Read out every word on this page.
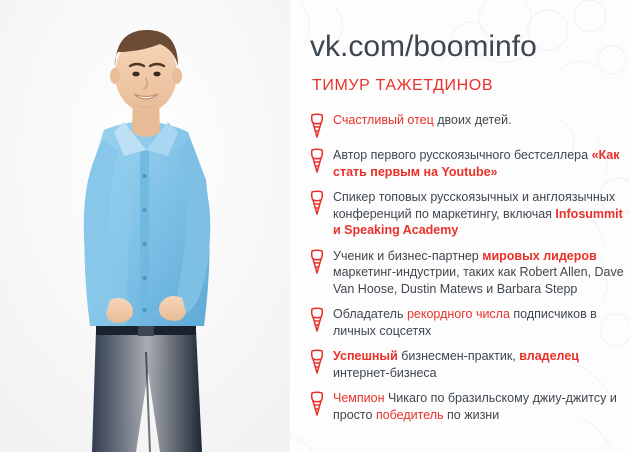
vk.com/boominfo
ТИМУР ТАЖЕТДИНОВ
Счастливый отец двоих детей.
Автор первого русскоязычного бестселлера «Как стать первым на Youtube»
Спикер топовых русскоязычных и англоязычных конференций по маркетингу, включая Infosummit и Speaking Academy
Ученик и бизнес-партнер мировых лидеров маркетинг-индустрии, таких как Robert Allen, Dave Van Hoose, Dustin Matews и Barbara Stepp
Обладатель рекордного числа подписчиков в личных соцсетях
Успешный бизнесмен-практик, владелец интернет-бизнеса
Чемпион Чикаго по бразильскому джиу-джитсу и просто победитель по жизни
